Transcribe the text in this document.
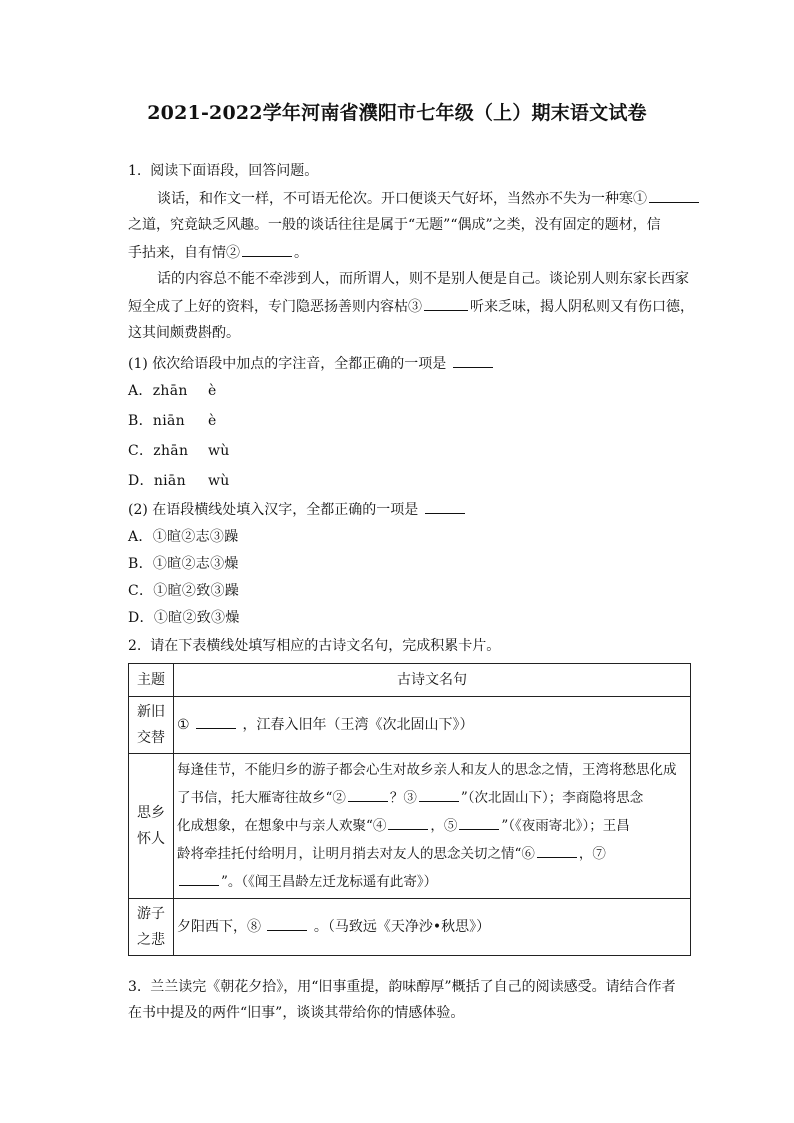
2021-2022学年河南省濮阳市七年级（上）期末语文试卷
1.  阅读下面语段，回答问题。
谈话，和作文一样，不可语无伦次。开口便谈天气好坏，当然亦不失为一种寒①
之道，究竟缺乏风趣。一般的谈话往往是属于“无题”“偶成”之类，没有固定的题材，信
手拈来，自有情②	。
话的内容总不能不牵涉到人，而所谓人，则不是别人便是自己。谈论别人则东家长西家
短全成了上好的资料，专门隐恶扬善则内容枯③	听来乏味，揭人阴私则又有伤口德，
这其间颇费斟酌。
(1) 依次给语段中加点的字注音，全都正确的一项是
A．zhān è
B．niān è
C．zhān wù
D．niān wù
(2) 在语段横线处填入汉字，全都正确的一项是
A．①暄②志③躁
B．①暄②志③燥
C．①暄②致③躁
D．①暄②致③燥
2.  请在下表横线处填写相应的古诗文名句，完成积累卡片。
主题	古诗文名句
新旧交替	① ，江春入旧年（王湾《次北固山下》）
思乡怀人	每逢佳节，不能归乡的游子都会心生对故乡亲人和友人的思念之情，王湾将愁思化成
了书信，托大雁寄往故乡“② ？③ ”（次北固山下）；李商隐将思念
化成想象，在想象中与亲人欢聚“④ ，⑤ ”（《夜雨寄北》）；王昌
龄将牵挂托付给明月，让明月捎去对友人的思念关切之情“⑥ ，⑦
”。（《闻王昌龄左迁龙标遥有此寄》）

游子之悲	夕阳西下，⑧ 。（马致远《天净沙•秋思》）
3.  兰兰读完《朝花夕拾》，用“旧事重提，韵味醇厚”概括了自己的阅读感受。请结合作者
在书中提及的两件“旧事”，谈谈其带给你的情感体验。
